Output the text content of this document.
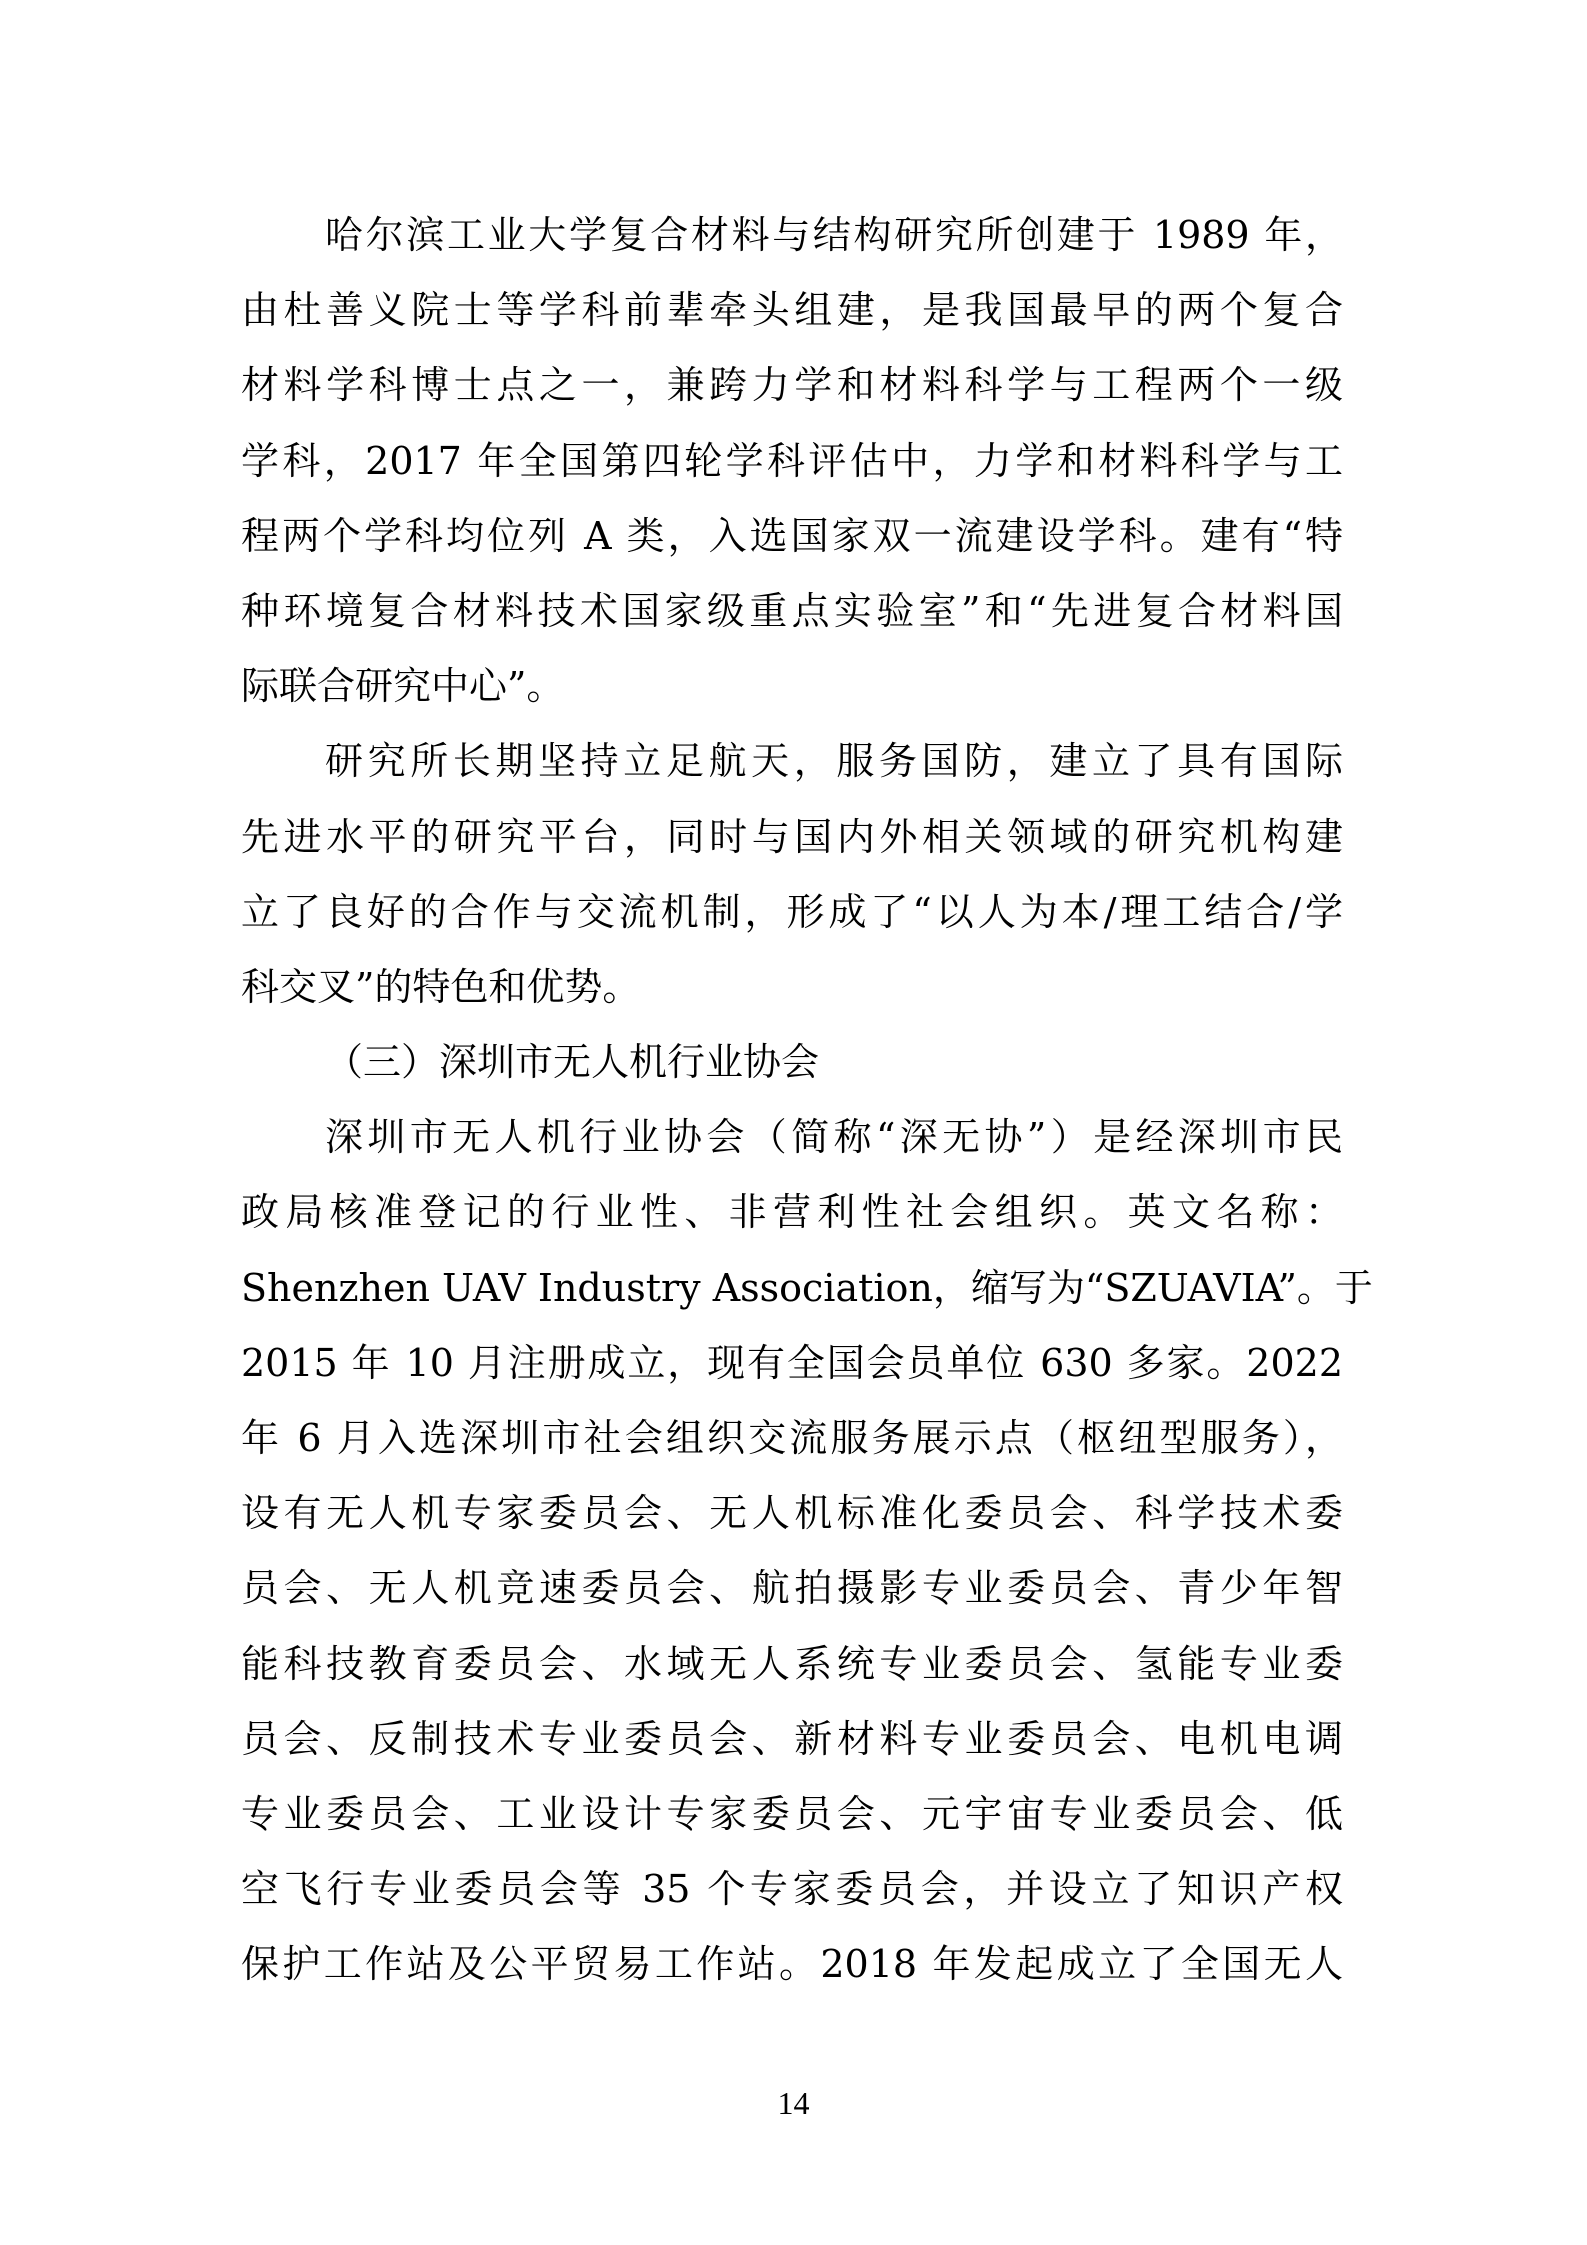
哈尔滨工业大学复合材料与结构研究所创建于 1989 年，
由杜善义院士等学科前辈牵头组建，是我国最早的两个复合
材料学科博士点之一，兼跨力学和材料科学与工程两个一级
学科，2017 年全国第四轮学科评估中，力学和材料科学与工
程两个学科均位列 A 类，入选国家双一流建设学科。建有“特
种环境复合材料技术国家级重点实验室”和“先进复合材料国
际联合研究中心”。
研究所长期坚持立足航天，服务国防，建立了具有国际
先进水平的研究平台，同时与国内外相关领域的研究机构建
立了良好的合作与交流机制，形成了“以人为本/理工结合/学
科交叉”的特色和优势。
（三）深圳市无人机行业协会
深圳市无人机行业协会（简称“深无协”）是经深圳市民
政局核准登记的行业性、非营利性社会组织。英文名称：
Shenzhen UAV Industry Association，缩写为“SZUAVIA”。于
2015 年 10 月注册成立，现有全国会员单位 630 多家。2022
年 6 月入选深圳市社会组织交流服务展示点（枢纽型服务），
设有无人机专家委员会、无人机标准化委员会、科学技术委
员会、无人机竞速委员会、航拍摄影专业委员会、青少年智
能科技教育委员会、水域无人系统专业委员会、氢能专业委
员会、反制技术专业委员会、新材料专业委员会、电机电调
专业委员会、工业设计专家委员会、元宇宙专业委员会、低
空飞行专业委员会等 35 个专家委员会，并设立了知识产权
保护工作站及公平贸易工作站。2018 年发起成立了全国无人
14
